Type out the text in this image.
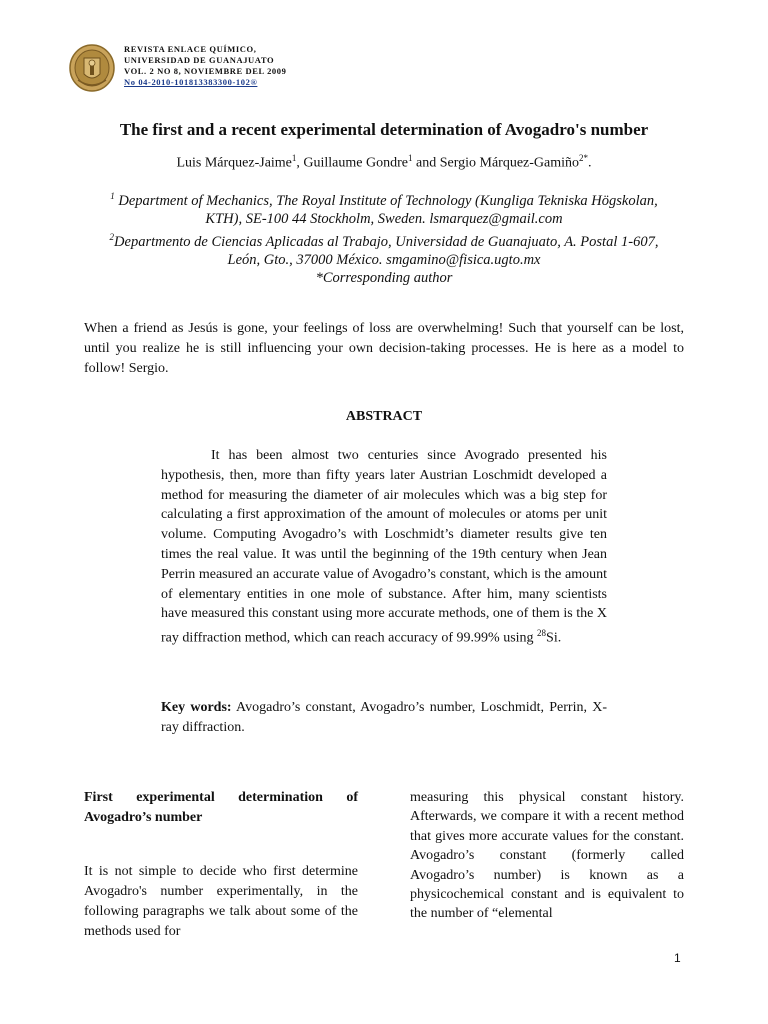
REVISTA ENLACE QUÍMICO,
UNIVERSIDAD DE GUANAJUATO
VOL. 2 NO 8, NOVIEMBRE DEL 2009
No 04-2010-101813383300-102®
The first and a recent experimental determination of Avogadro's number
Luis Márquez-Jaime$^1$, Guillaume Gondre$^1$ and Sergio Márquez-Gamiño$^{2*}$.
$^1$ Department of Mechanics, The Royal Institute of Technology (Kungliga Tekniska Högskolan,
KTH), SE-100 44 Stockholm, Sweden. lsmarquez@gmail.com
$^2$Departmento de Ciencias Aplicadas al Trabajo, Universidad de Guanajuato, A. Postal 1-607,
León, Gto., 37000 México. smgamino@fisica.ugto.mx
*Corresponding author
When a friend as Jesús is gone, your feelings of loss are overwhelming! Such that yourself can be lost, until you realize he is still influencing your own decision-taking processes. He is here as a model to follow! Sergio.
ABSTRACT

It has been almost two centuries since Avogrado presented his hypothesis, then, more than fifty years later Austrian Loschmidt developed a method for measuring the diameter of air molecules which was a big step for calculating a first approximation of the amount of molecules or atoms per unit volume. Computing Avogadro’s with Loschmidt’s diameter results give ten times the real value. It was until the beginning of the 19th century when Jean Perrin measured an accurate value of Avogadro’s constant, which is the amount of elementary entities in one mole of substance. After him, many scientists have measured this constant using more accurate methods, one of them is the X ray diffraction method, which can reach accuracy of 99.99% using $^{28}$Si.

Key words: Avogadro’s constant, Avogadro’s number, Loschmidt, Perrin, X-ray diffraction.
First experimental determination of Avogadro’s number

It is not simple to decide who first determine Avogadro's number experimentally, in the following paragraphs we talk about some of the methods used for

measuring this physical constant history. Afterwards, we compare it with a recent method that gives more accurate values for the constant. Avogadro’s constant (formerly called Avogadro’s number) is known as a physicochemical constant and is equivalent to the number of “elemental

1
